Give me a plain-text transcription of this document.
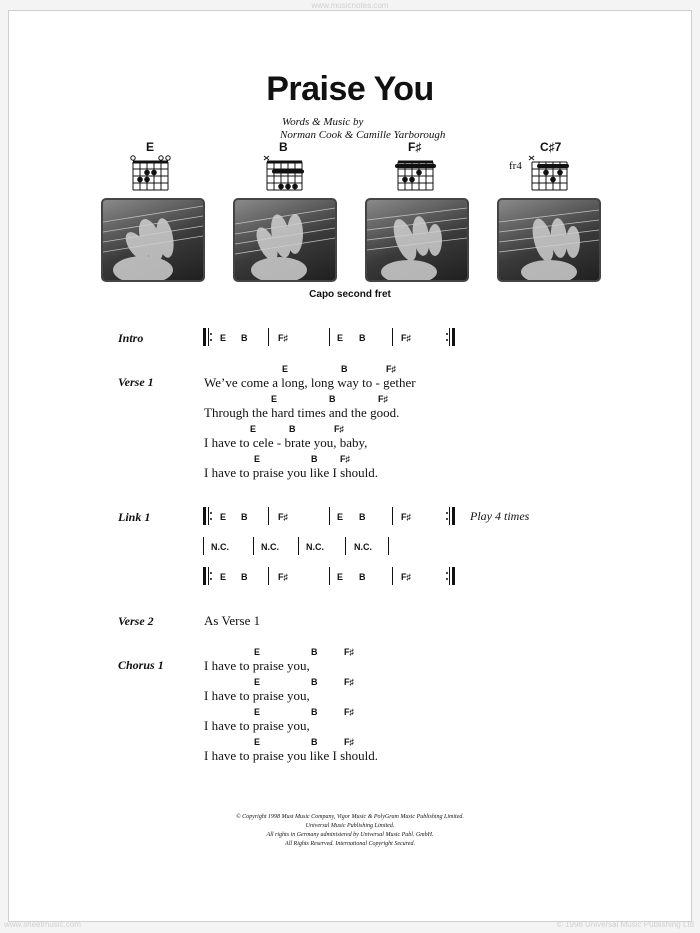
www.musicnotes.com
Praise You
Words & Music by
Norman Cook & Camille Yarborough
E	B	F♯	C♯7
fr4
Capo second fret
Intro	E B	F♯	E B	F♯
Verse 1
E	B	F♯
We’ve come a long, long way to - gether
E	B	F♯
Through the hard times and the good.
E	B	F♯
I have to cele - brate you, baby,
E	B	F♯
I have to praise you like I should.
Link 1	E B	F♯	E B	F♯	Play 4 times
N.C.	N.C.	N.C.	N.C.
E B	F♯	E B	F♯
Verse 2	As Verse 1
Chorus 1
E	B	F♯
I have to praise you,
E	B	F♯
I have to praise you,
E	B	F♯
I have to praise you,
E	B	F♯
I have to praise you like I should.
© Copyright 1998 Must Music Company, Vigor Music & PolyGram Music Publishing Limited.
Universal Music Publishing Limited.
All rights in Germany administered by Universal Music Publ. GmbH.
All Rights Reserved. International Copyright Secured.
www.sheetmusic.com	© 1998 Universal Music Publishing Ltd
